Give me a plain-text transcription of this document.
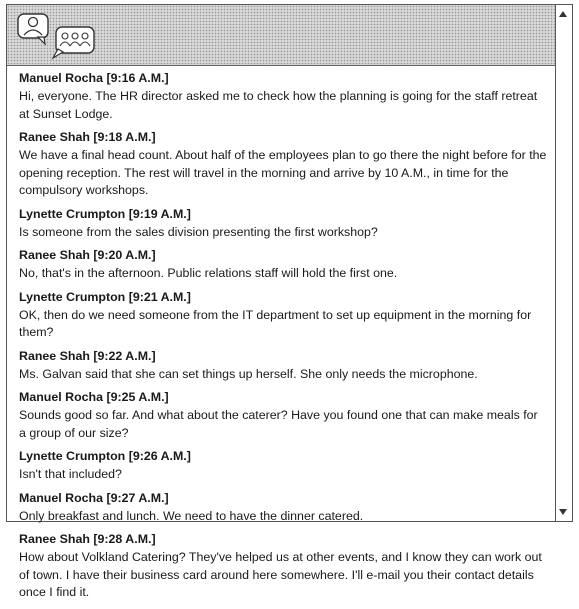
Manuel Rocha [9:16 A.M.]
Hi, everyone. The HR director asked me to check how the planning is going for the staff retreat at Sunset Lodge.
Ranee Shah [9:18 A.M.]
We have a final head count. About half of the employees plan to go there the night before for the opening reception. The rest will travel in the morning and arrive by 10 A.M., in time for the compulsory workshops.
Lynette Crumpton [9:19 A.M.]
Is someone from the sales division presenting the first workshop?
Ranee Shah [9:20 A.M.]
No, that's in the afternoon. Public relations staff will hold the first one.
Lynette Crumpton [9:21 A.M.]
OK, then do we need someone from the IT department to set up equipment in the morning for them?
Ranee Shah [9:22 A.M.]
Ms. Galvan said that she can set things up herself. She only needs the microphone.
Manuel Rocha [9:25 A.M.]
Sounds good so far. And what about the caterer? Have you found one that can make meals for a group of our size?
Lynette Crumpton [9:26 A.M.]
Isn't that included?
Manuel Rocha [9:27 A.M.]
Only breakfast and lunch. We need to have the dinner catered.
Ranee Shah [9:28 A.M.]
How about Volkland Catering? They've helped us at other events, and I know they can work out of town. I have their business card around here somewhere. I'll e-mail you their contact details once I find it.
